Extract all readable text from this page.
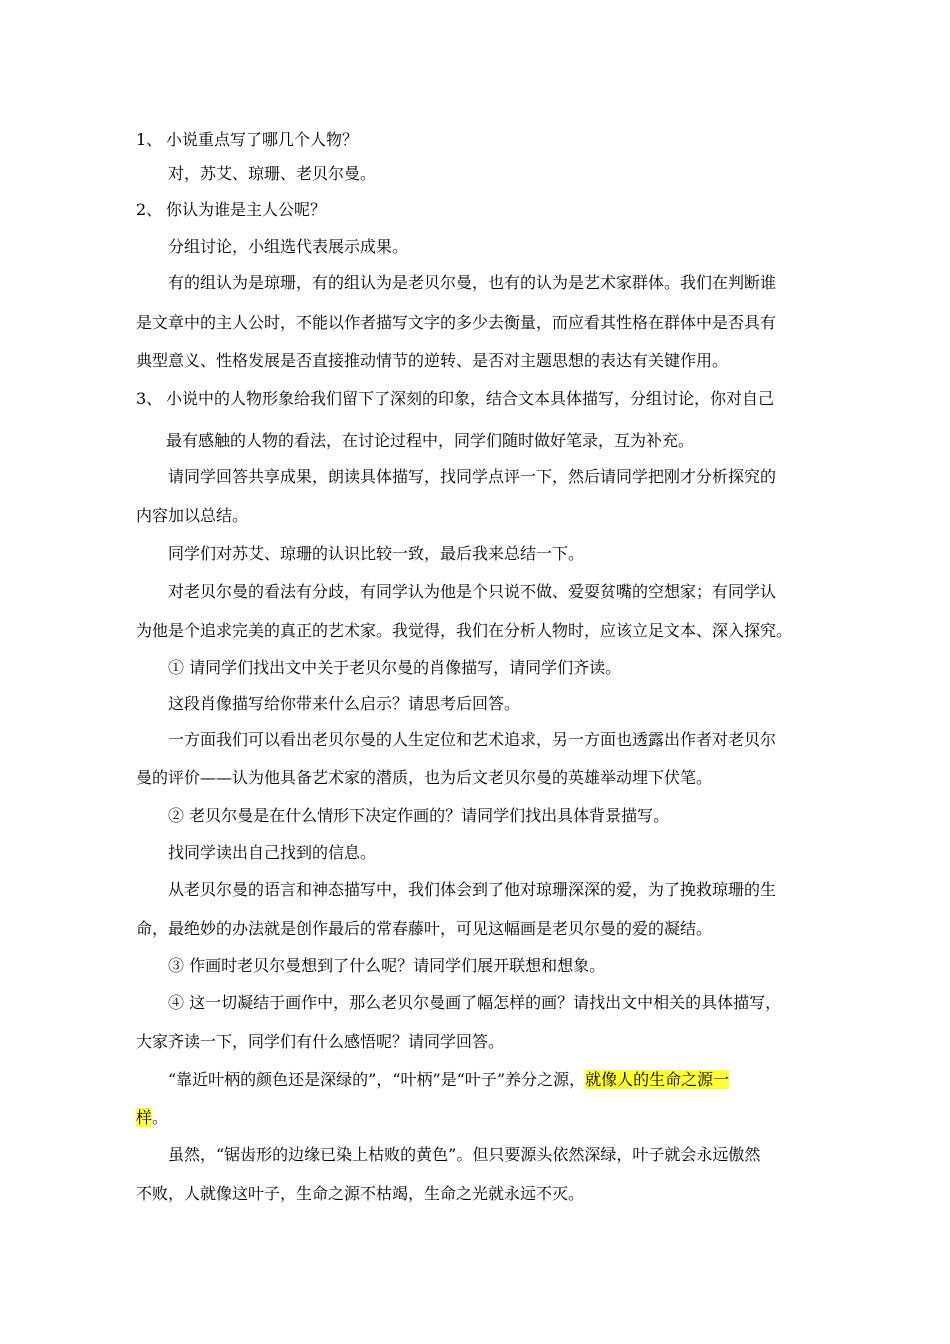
1、 小说重点写了哪几个人物？
对，苏艾、琼珊、老贝尔曼。
2、 你认为谁是主人公呢？
分组讨论，小组选代表展示成果。
有的组认为是琼珊，有的组认为是老贝尔曼，也有的认为是艺术家群体。我们在判断谁
是文章中的主人公时，不能以作者描写文字的多少去衡量，而应看其性格在群体中是否具有
典型意义、性格发展是否直接推动情节的逆转、是否对主题思想的表达有关键作用。
3、 小说中的人物形象给我们留下了深刻的印象，结合文本具体描写，分组讨论，你对自己
最有感触的人物的看法，在讨论过程中，同学们随时做好笔录，互为补充。
请同学回答共享成果，朗读具体描写，找同学点评一下，然后请同学把刚才分析探究的
内容加以总结。
同学们对苏艾、琼珊的认识比较一致，最后我来总结一下。
对老贝尔曼的看法有分歧，有同学认为他是个只说不做、爱耍贫嘴的空想家；有同学认
为他是个追求完美的真正的艺术家。我觉得，我们在分析人物时，应该立足文本、深入探究。
① 请同学们找出文中关于老贝尔曼的肖像描写，请同学们齐读。
这段肖像描写给你带来什么启示？请思考后回答。
一方面我们可以看出老贝尔曼的人生定位和艺术追求，另一方面也透露出作者对老贝尔
曼的评价——认为他具备艺术家的潜质，也为后文老贝尔曼的英雄举动埋下伏笔。
② 老贝尔曼是在什么情形下决定作画的？请同学们找出具体背景描写。
找同学读出自己找到的信息。
从老贝尔曼的语言和神态描写中，我们体会到了他对琼珊深深的爱，为了挽救琼珊的生
命，最绝妙的办法就是创作最后的常春藤叶，可见这幅画是老贝尔曼的爱的凝结。
③ 作画时老贝尔曼想到了什么呢？请同学们展开联想和想象。
④ 这一切凝结于画作中，那么老贝尔曼画了幅怎样的画？请找出文中相关的具体描写，
大家齐读一下，同学们有什么感悟呢？请同学回答。
“靠近叶柄的颜色还是深绿的”，“叶柄”是“叶子”养分之源，就像人的生命之源一
样。
虽然，“锯齿形的边缘已染上枯败的黄色”。但只要源头依然深绿，叶子就会永远傲然
不败，人就像这叶子，生命之源不枯竭，生命之光就永远不灭。
